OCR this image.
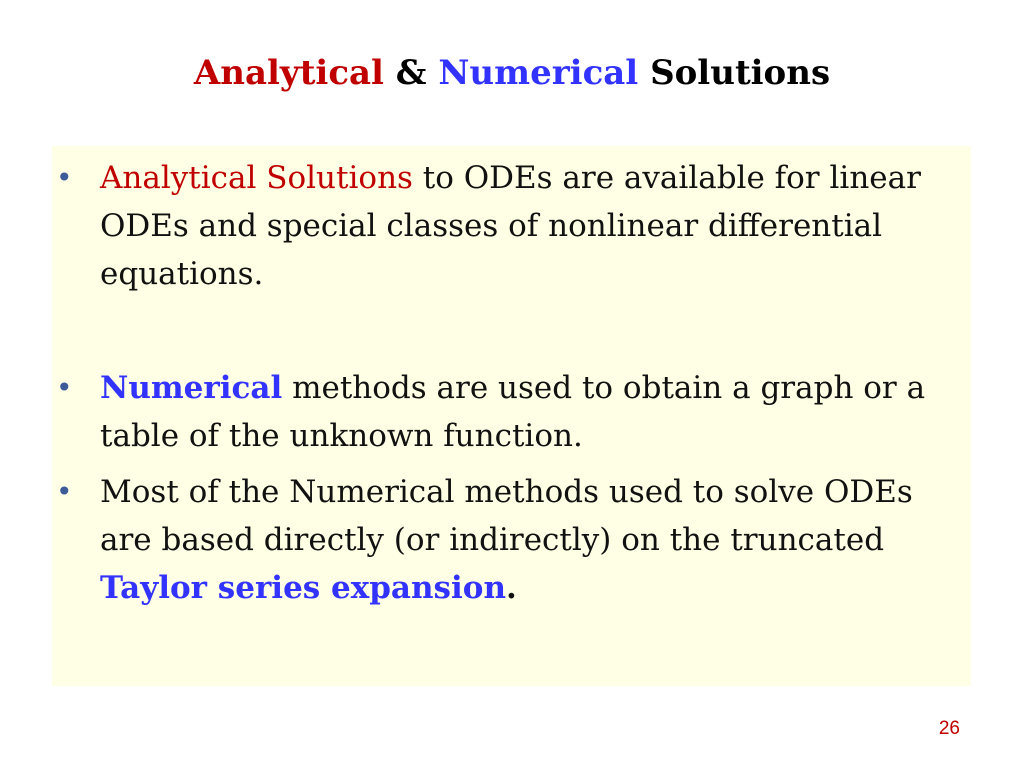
Analytical & Numerical Solutions
• Analytical Solutions to ODEs are available for linear ODEs and special classes of nonlinear differential equations.
• Numerical methods are used to obtain a graph or a table of the unknown function.
• Most of the Numerical methods used to solve ODEs are based directly (or indirectly) on the truncated Taylor series expansion.
26
